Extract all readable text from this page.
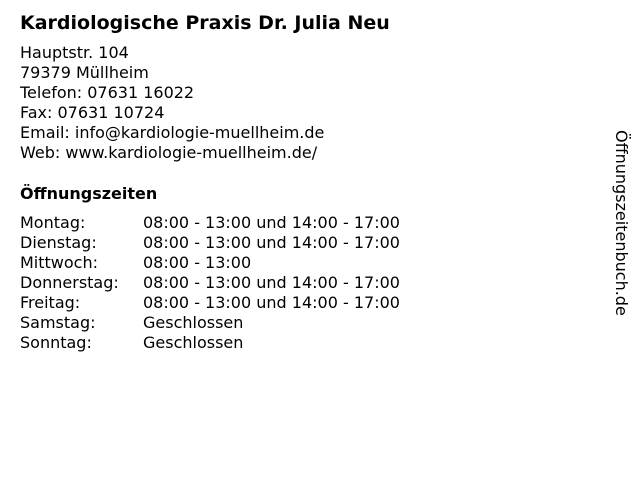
Kardiologische Praxis Dr. Julia Neu
Hauptstr. 104
79379 Müllheim
Telefon: 07631 16022
Fax: 07631 10724
Email: info@kardiologie-muellheim.de
Web: www.kardiologie-muellheim.de/
Öffnungszeiten
Montag:	08:00 - 13:00 und 14:00 - 17:00
Dienstag:	08:00 - 13:00 und 14:00 - 17:00
Mittwoch:	08:00 - 13:00
Donnerstag:	08:00 - 13:00 und 14:00 - 17:00
Freitag:	08:00 - 13:00 und 14:00 - 17:00
Samstag:	Geschlossen
Sonntag:	Geschlossen
Öffnungszeitenbuch.de
